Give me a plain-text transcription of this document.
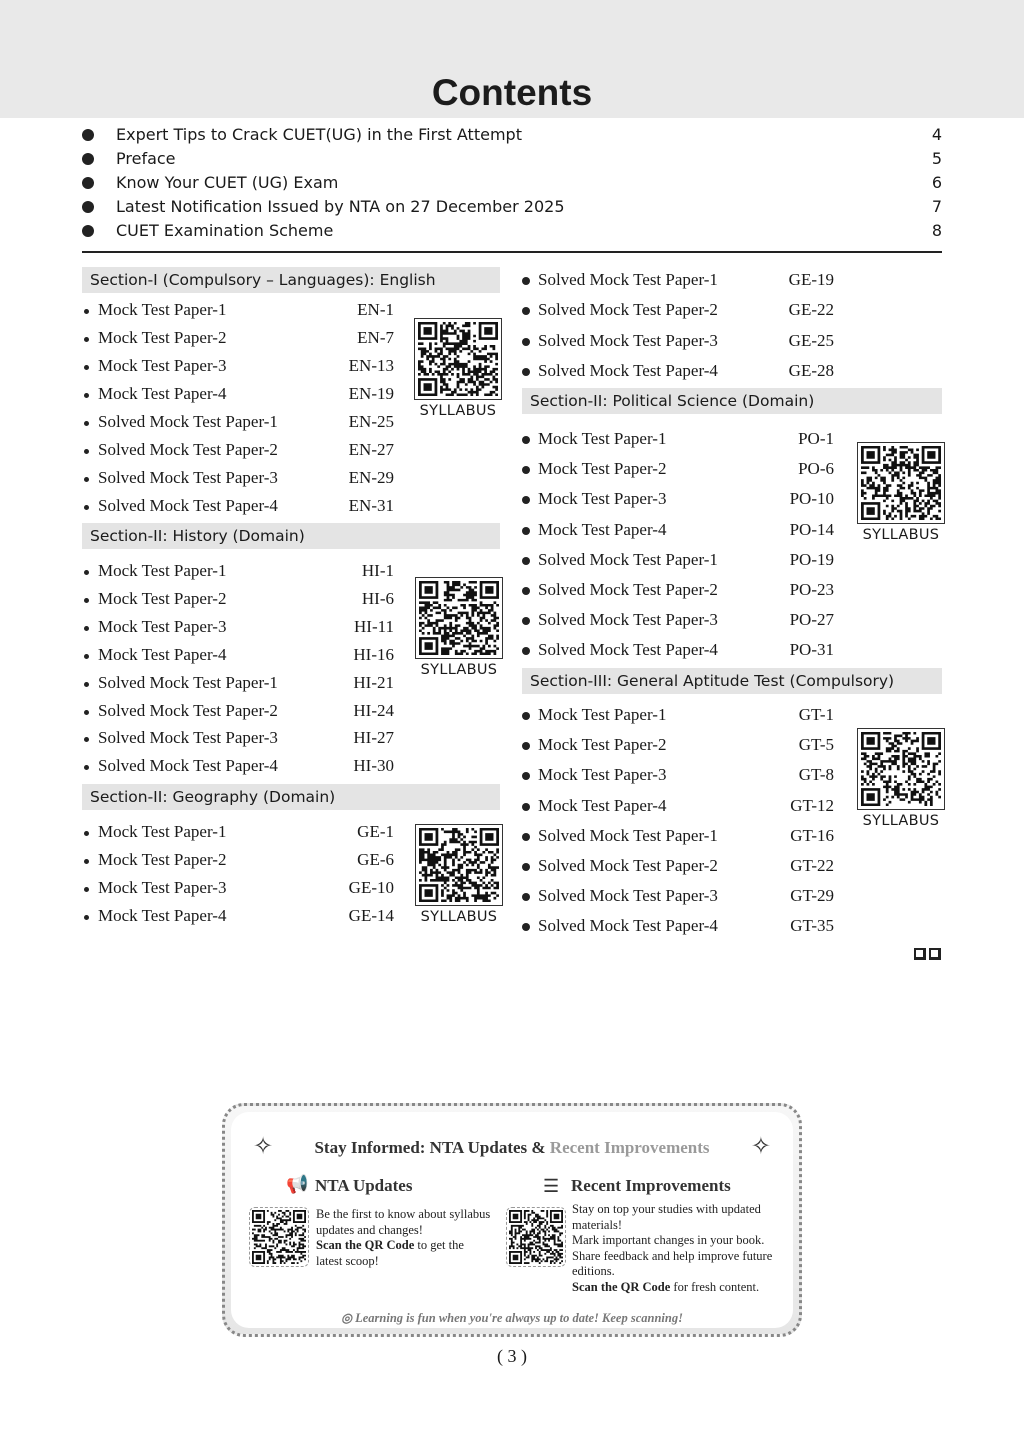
Contents
Expert Tips to Crack CUET(UG) in the First Attempt	4
Preface	5
Know Your CUET (UG) Exam	6
Latest Notification Issued by NTA on 27 December 2025	7
CUET Examination Scheme	8
Section-I (Compulsory – Languages): English
Mock Test Paper-1	EN-1
Mock Test Paper-2	EN-7
Mock Test Paper-3	EN-13
Mock Test Paper-4	EN-19
Solved Mock Test Paper-1	EN-25
Solved Mock Test Paper-2	EN-27
Solved Mock Test Paper-3	EN-29
Solved Mock Test Paper-4	EN-31
SYLLABUS
Section-II: History (Domain)
Mock Test Paper-1	HI-1
Mock Test Paper-2	HI-6
Mock Test Paper-3	HI-11
Mock Test Paper-4	HI-16
Solved Mock Test Paper-1	HI-21
Solved Mock Test Paper-2	HI-24
Solved Mock Test Paper-3	HI-27
Solved Mock Test Paper-4	HI-30
SYLLABUS
Section-II: Geography (Domain)
Mock Test Paper-1	GE-1
Mock Test Paper-2	GE-6
Mock Test Paper-3	GE-10
Mock Test Paper-4	GE-14	SYLLABUS
Solved Mock Test Paper-1	GE-19
Solved Mock Test Paper-2	GE-22
Solved Mock Test Paper-3	GE-25
Solved Mock Test Paper-4	GE-28
Section-II: Political Science (Domain)
Mock Test Paper-1	PO-1
Mock Test Paper-2	PO-6
Mock Test Paper-3	PO-10
Mock Test Paper-4	PO-14
Solved Mock Test Paper-1	PO-19
Solved Mock Test Paper-2	PO-23
Solved Mock Test Paper-3	PO-27
Solved Mock Test Paper-4	PO-31
SYLLABUS
Section-III: General Aptitude Test (Compulsory)
Mock Test Paper-1	GT-1
Mock Test Paper-2	GT-5
Mock Test Paper-3	GT-8
Mock Test Paper-4	GT-12
Solved Mock Test Paper-1	GT-16
Solved Mock Test Paper-2	GT-22
Solved Mock Test Paper-3	GT-29
Solved Mock Test Paper-4	GT-35
SYLLABUS
✧	✧
Stay Informed: NTA Updates & Recent Improvements
📢 NTA Updates

Be the first to know about syllabus updates and changes!

Scan the QR Code to get the latest scoop!

☰ Recent Improvements

Stay on top your studies with updated materials!

Mark important changes in your book. Share feedback and help improve future editions.

Scan the QR Code for fresh content.

◎ Learning is fun when you're always up to date! Keep scanning!
( 3 )
